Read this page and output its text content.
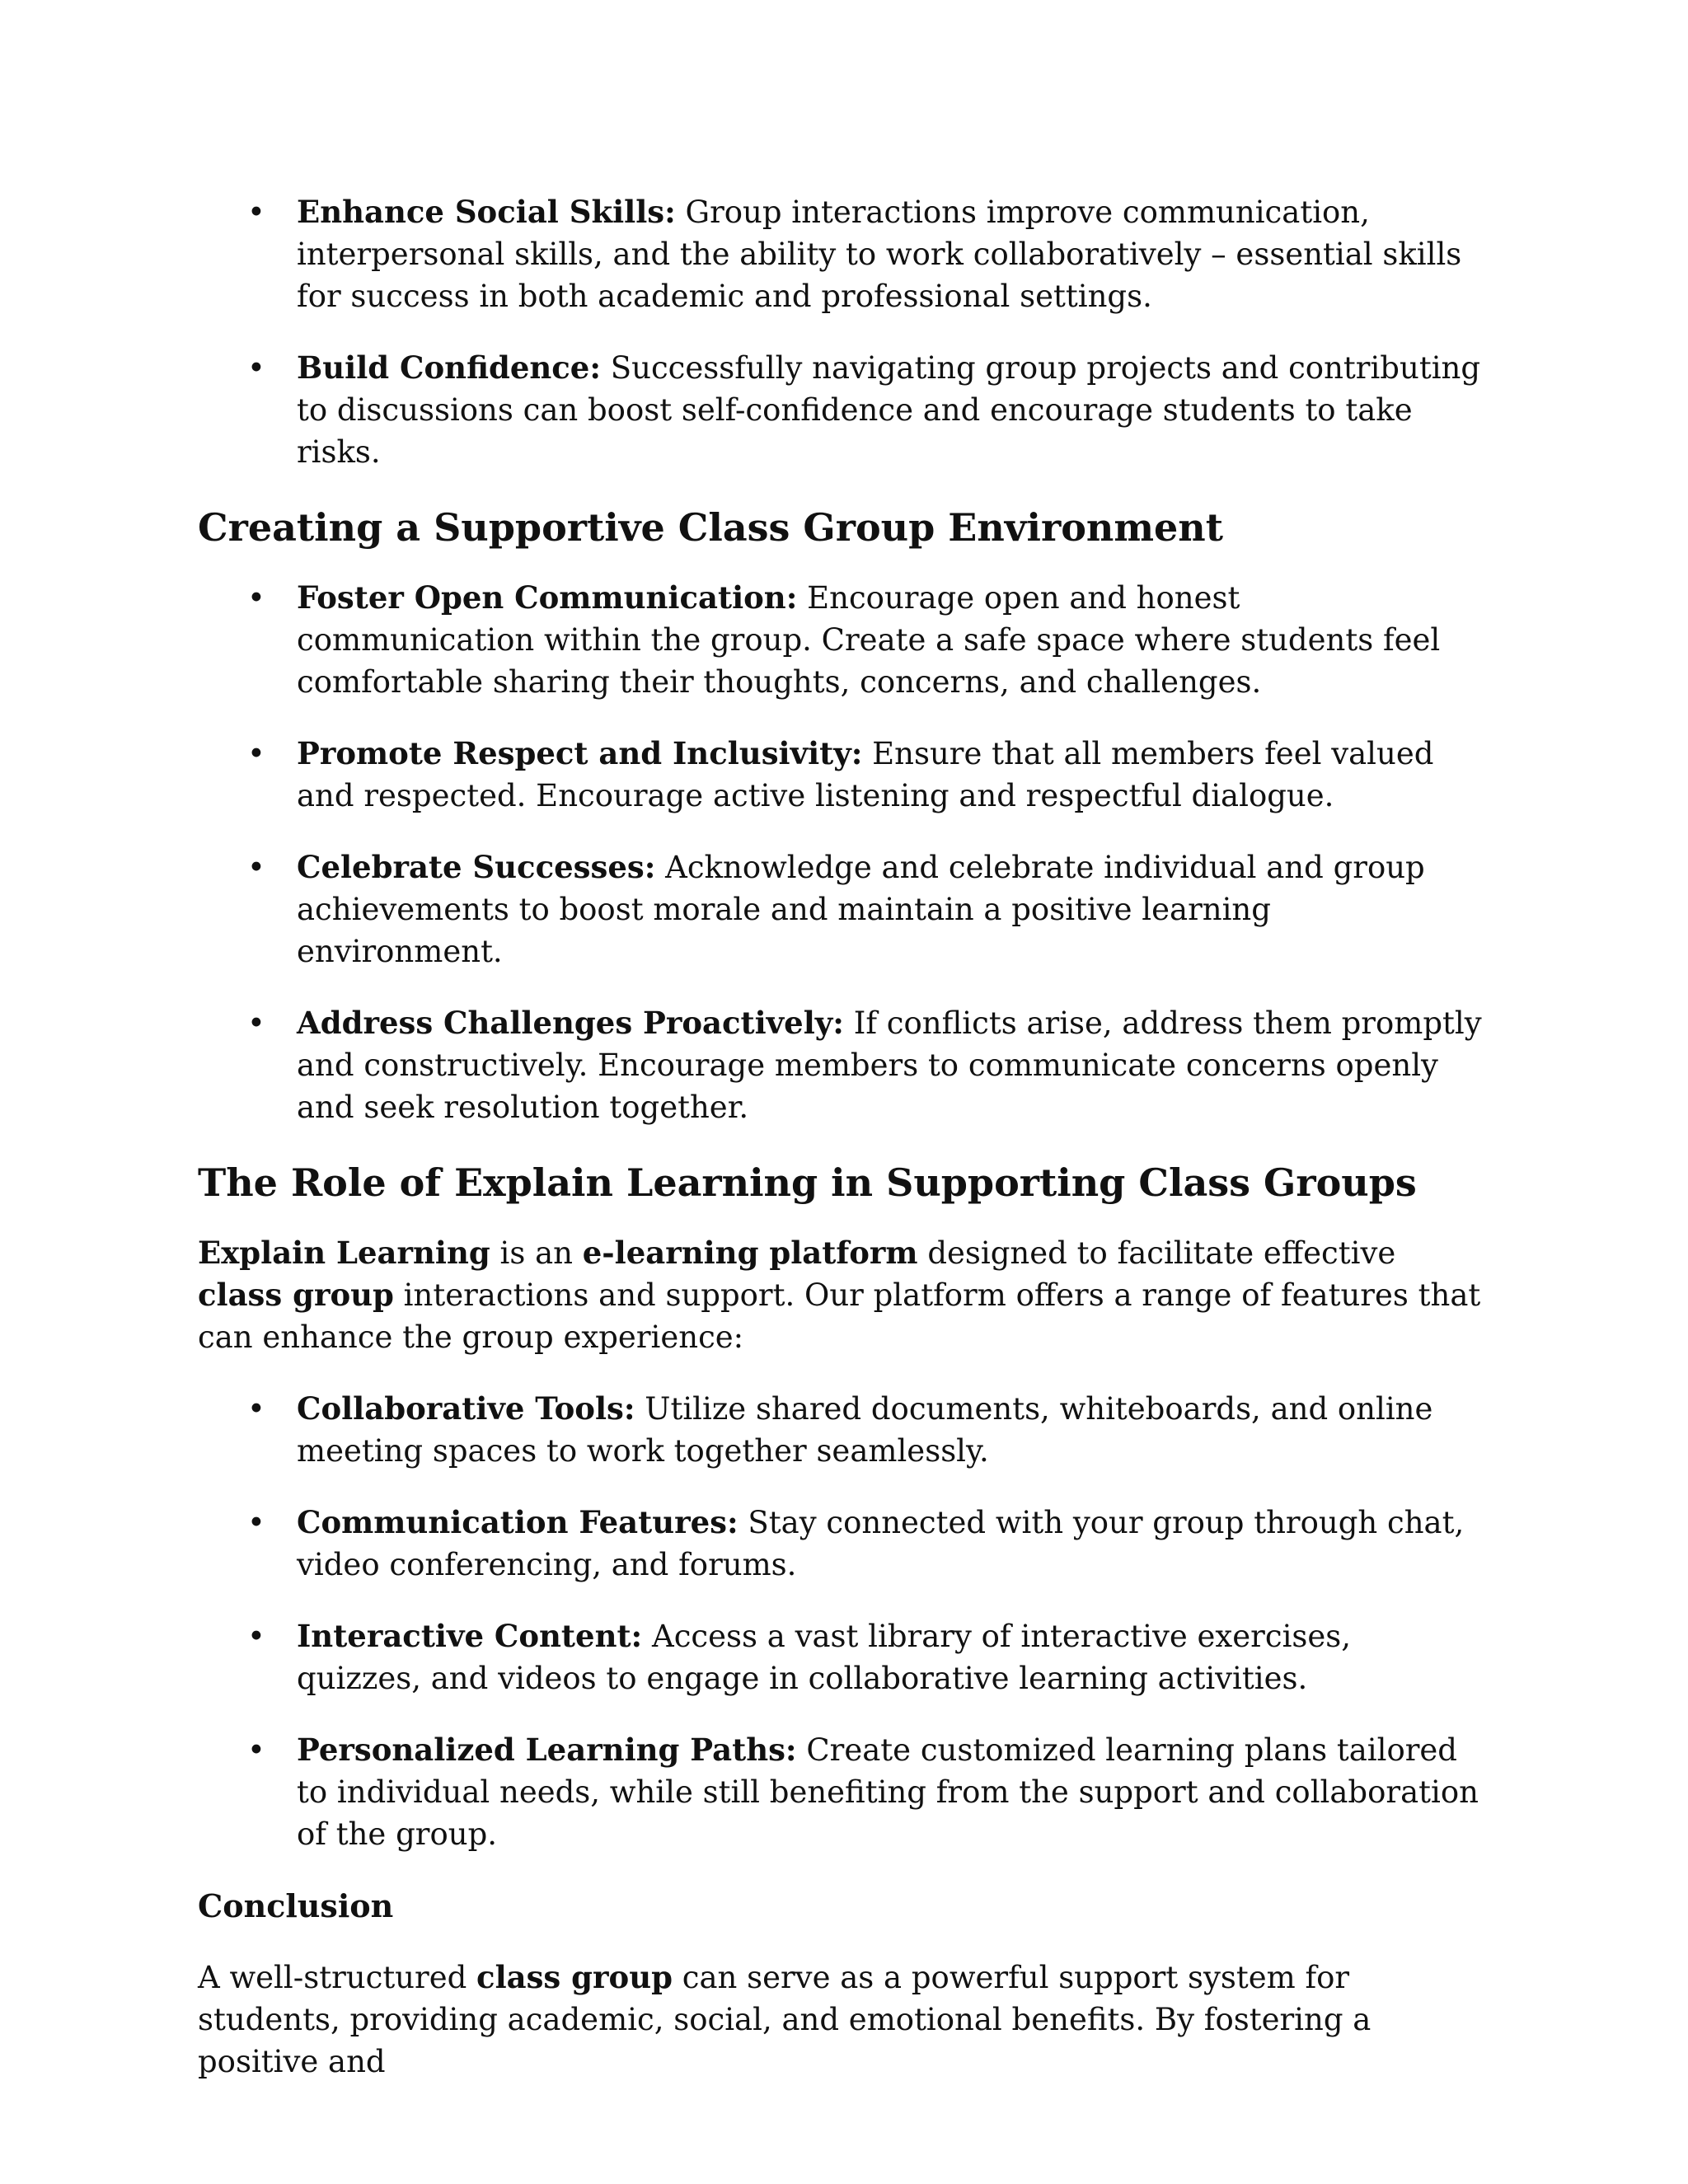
• Enhance Social Skills: Group interactions improve communication, interpersonal skills, and the ability to work collaboratively – essential skills for success in both academic and professional settings.
• Build Confidence: Successfully navigating group projects and contributing to discussions can boost self-confidence and encourage students to take risks.
Creating a Supportive Class Group Environment
• Foster Open Communication: Encourage open and honest communication within the group. Create a safe space where students feel comfortable sharing their thoughts, concerns, and challenges.
• Promote Respect and Inclusivity: Ensure that all members feel valued and respected. Encourage active listening and respectful dialogue.
• Celebrate Successes: Acknowledge and celebrate individual and group achievements to boost morale and maintain a positive learning environment.
• Address Challenges Proactively: If conflicts arise, address them promptly and constructively. Encourage members to communicate concerns openly and seek resolution together.
The Role of Explain Learning in Supporting Class Groups

Explain Learning is an e-learning platform designed to facilitate effective class group interactions and support. Our platform offers a range of features that can enhance the group experience:

• Collaborative Tools: Utilize shared documents, whiteboards, and online meeting spaces to work together seamlessly.
• Communication Features: Stay connected with your group through chat, video conferencing, and forums.
• Interactive Content: Access a vast library of interactive exercises, quizzes, and videos to engage in collaborative learning activities.
• Personalized Learning Paths: Create customized learning plans tailored to individual needs, while still benefiting from the support and collaboration of the group.
Conclusion

A well-structured class group can serve as a powerful support system for students, providing academic, social, and emotional benefits. By fostering a positive and
